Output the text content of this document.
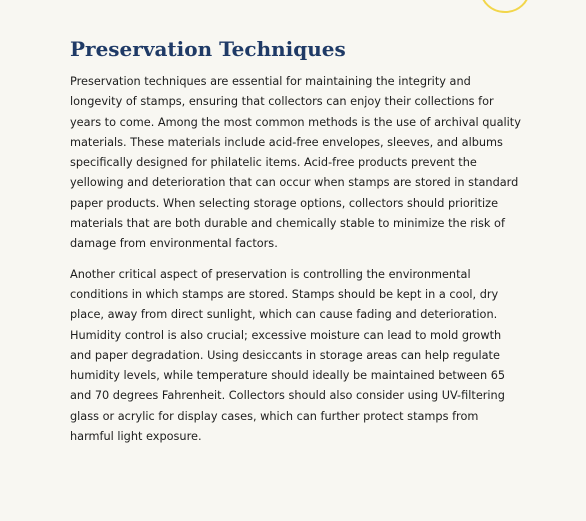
Preservation Techniques

Preservation techniques are essential for maintaining the integrity and longevity of stamps, ensuring that collectors can enjoy their collections for years to come. Among the most common methods is the use of archival quality materials. These materials include acid-free envelopes, sleeves, and albums specifically designed for philatelic items. Acid-free products prevent the yellowing and deterioration that can occur when stamps are stored in standard paper products. When selecting storage options, collectors should prioritize materials that are both durable and chemically stable to minimize the risk of damage from environmental factors.

Another critical aspect of preservation is controlling the environmental conditions in which stamps are stored. Stamps should be kept in a cool, dry place, away from direct sunlight, which can cause fading and deterioration. Humidity control is also crucial; excessive moisture can lead to mold growth and paper degradation. Using desiccants in storage areas can help regulate humidity levels, while temperature should ideally be maintained between 65 and 70 degrees Fahrenheit. Collectors should also consider using UV-filtering glass or acrylic for display cases, which can further protect stamps from harmful light exposure.
